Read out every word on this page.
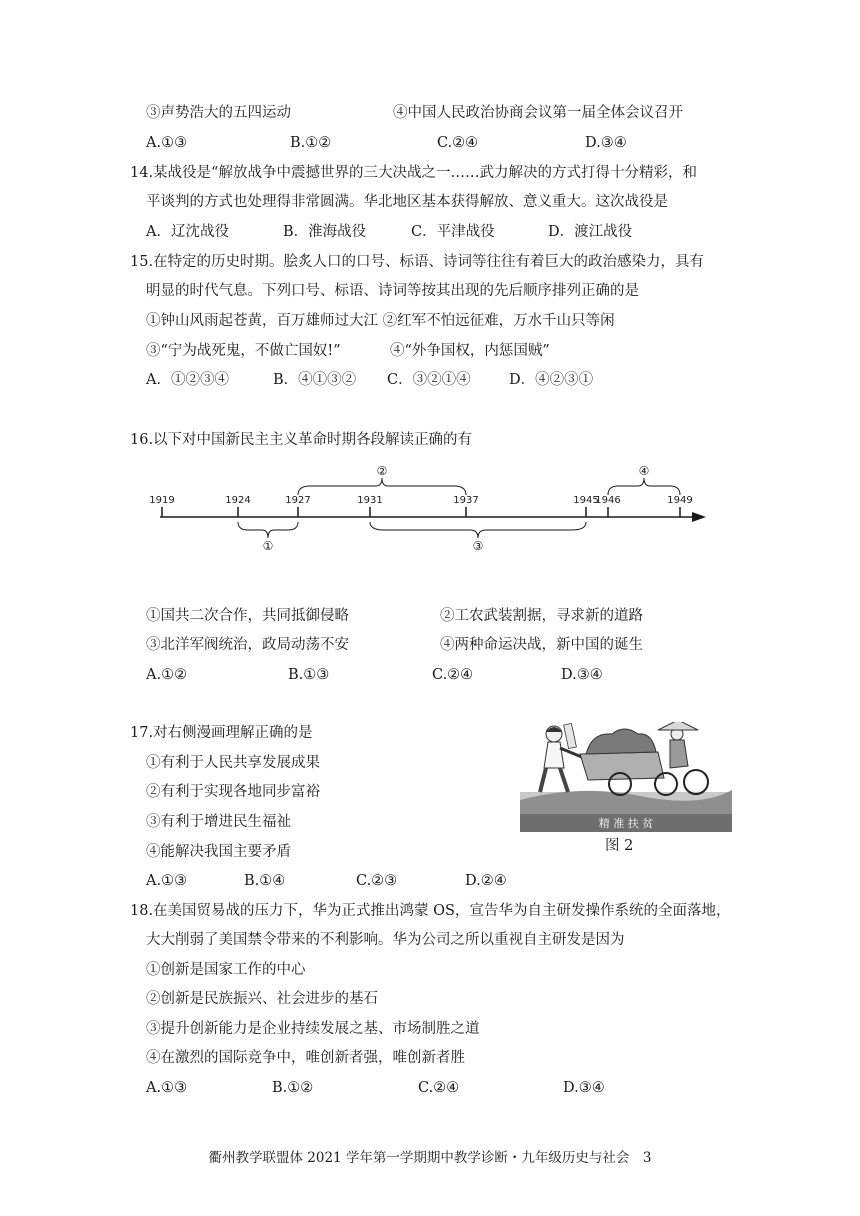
③声势浩大的五四运动	④中国人民政治协商会议第一届全体会议召开
A.①③	B.①②	C.②④	D.③④
14.某战役是“解放战争中震撼世界的三大决战之一……武力解决的方式打得十分精彩，和
平谈判的方式也处理得非常圆满。华北地区基本获得解放、意义重大。这次战役是
A．辽沈战役	B．淮海战役	C．平津战役	D．渡江战役
15.在特定的历史时期。脍炙人口的口号、标语、诗词等往往有着巨大的政治感染力，具有
明显的时代气息。下列口号、标语、诗词等按其出现的先后顺序排列正确的是
①钟山风雨起苍黄，百万雄师过大江 ②红军不怕远征难，万水千山只等闲
③“宁为战死鬼，不做亡国奴!”	④“外争国权，内惩国贼”
A．①②③④	B．④①③② C．③②①④	D．④②③①
16.以下对中国新民主主义革命时期各段解读正确的有
1919	1924	1927	1931	1937	1945
1946	1949
②	④
①	③
①国共二次合作，共同抵御侵略	②工农武装割据，寻求新的道路
③北洋军阀统治，政局动荡不安	④两种命运决战，新中国的诞生
A.①②	B.①③	C.②④	D.③④
17.对右侧漫画理解正确的是
①有利于人民共享发展成果
②有利于实现各地同步富裕
③有利于增进民生福祉
④能解决我国主要矛盾
A.①③	B.①④	C.②③	D.②④
精 准 扶 贫
图 2
18.在美国贸易战的压力下，华为正式推出鸿蒙 OS，宣告华为自主研发操作系统的全面落地，
大大削弱了美国禁令带来的不利影响。华为公司之所以重视自主研发是因为
①创新是国家工作的中心
②创新是民族振兴、社会进步的基石
③提升创新能力是企业持续发展之基、市场制胜之道
④在激烈的国际竞争中，唯创新者强，唯创新者胜
A.①③	B.①②	C.②④	D.③④
衢州教学联盟体 2021 学年第一学期期中教学诊断・九年级历史与社会　3
